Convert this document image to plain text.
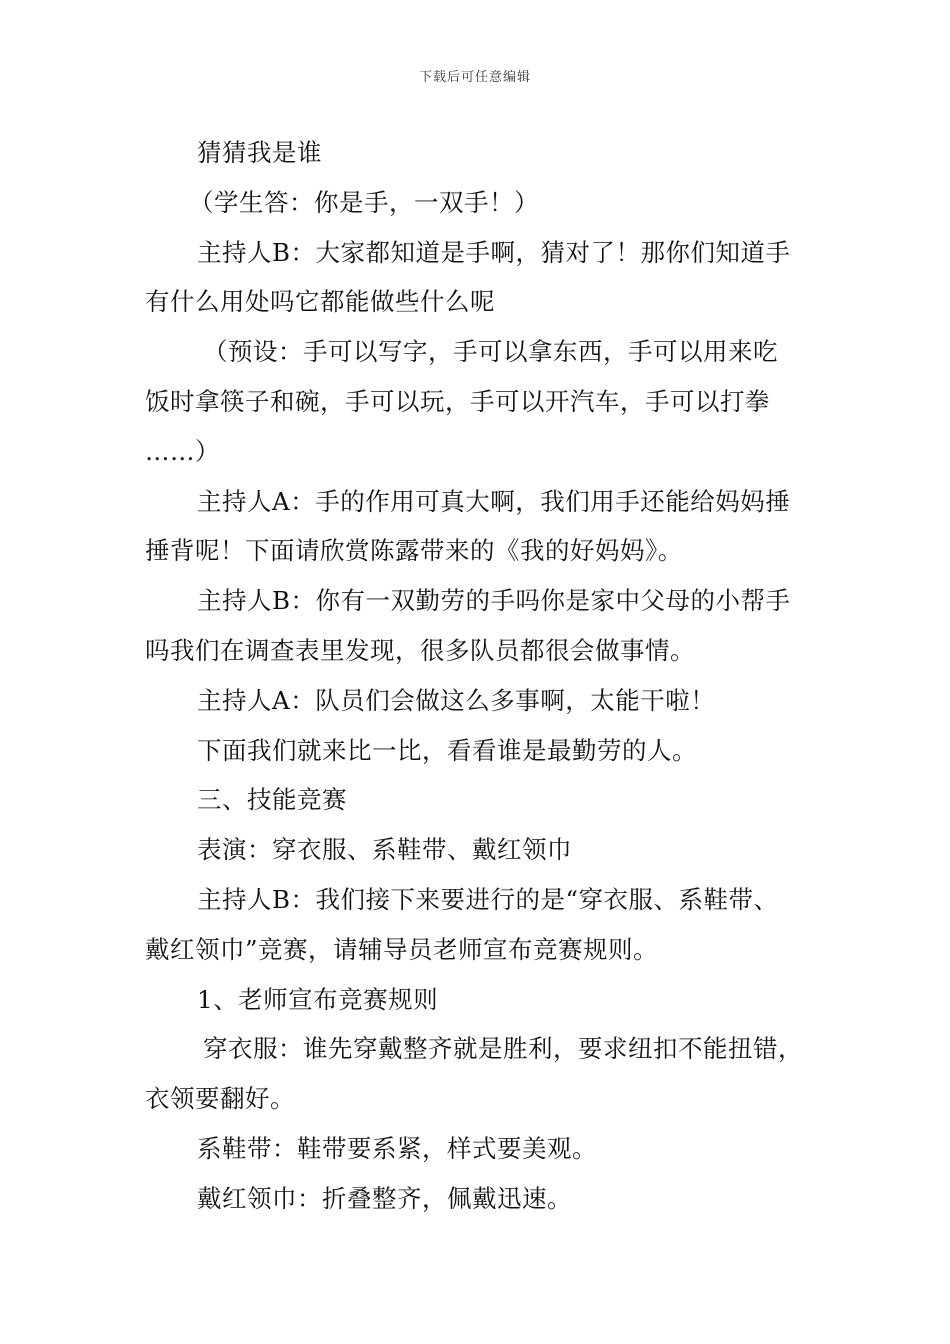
下载后可任意编辑
猜猜我是谁
（学生答：你是手，一双手！）
主持人B：大家都知道是手啊，猜对了！那你们知道手
有什么用处吗它都能做些什么呢
（预设：手可以写字，手可以拿东西，手可以用来吃
饭时拿筷子和碗，手可以玩，手可以开汽车，手可以打拳
……）
主持人A：手的作用可真大啊，我们用手还能给妈妈捶
捶背呢！下面请欣赏陈露带来的《我的好妈妈》。
主持人B：你有一双勤劳的手吗你是家中父母的小帮手
吗我们在调查表里发现，很多队员都很会做事情。
主持人A：队员们会做这么多事啊，太能干啦！
下面我们就来比一比，看看谁是最勤劳的人。
三、技能竞赛
表演：穿衣服、系鞋带、戴红领巾
主持人B：我们接下来要进行的是“穿衣服、系鞋带、
戴红领巾”竞赛，请辅导员老师宣布竞赛规则。
1、老师宣布竞赛规则
穿衣服：谁先穿戴整齐就是胜利，要求纽扣不能扭错，
衣领要翻好。
系鞋带：鞋带要系紧，样式要美观。
戴红领巾：折叠整齐，佩戴迅速。
